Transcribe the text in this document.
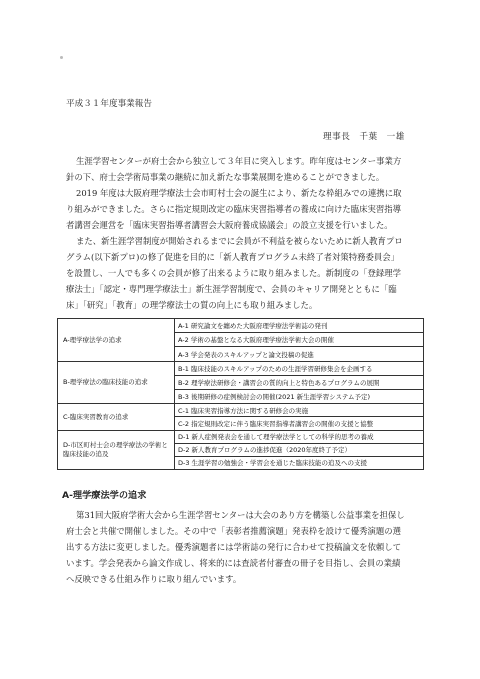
平成３１年度事業報告
理事長　千葉　一雄
生涯学習センターが府士会から独立して３年目に突入します。昨年度はセンター事業方
針の下、府士会学術局事業の継続に加え新たな事業展開を進めることができました。
2019 年度は大阪府理学療法士会市町村士会の誕生により、新たな枠組みでの連携に取
り組みができました。さらに指定規則改定の臨床実習指導者の養成に向けた臨床実習指導
者講習会運営を「臨床実習指導者講習会大阪府養成協議会」の設立支援を行いました。
また、新生涯学習制度が開始されるまでに会員が不利益を被らないために新人教育プロ
グラム(以下新プロ)の修了促進を目的に「新人教育プログラム未終了者対策特務委員会」
を設置し、一人でも多くの会員が修了出来るように取り組みました。新制度の「登録理学
療法士」「認定・専門理学療法士」新生涯学習制度で、会員のキャリア開発とともに「臨
床」「研究」「教育」の理学療法士の質の向上にも取り組みました。
A-理学療法学の追求	A-1 研究論文を纏めた大阪府理学療法学術誌の発刊
	A-2 学術の基盤となる大阪府理学療法学術大会の開催
	A-3 学会発表のスキルアップと論文投稿の促進
B-理学療法の臨床技能の追求	B-1 臨床技能のスキルアップのための生涯学習研修集会を企画する
	B-2 理学療法研修会・講習会の質的向上と特色あるプログラムの展開
	B-3 後期研修の症例検討会の開催(2021 新生涯学習システム予定)
C-臨床実習教育の追求	C-1 臨床実習指導方法に関する研修会の実施
	C-2 指定規則改定に伴う臨床実習指導者講習会の開催の支援と協整
D-市区町村士会の理学療法の学術と臨床技能の追及	D-1 新人症例発表会を通して理学療法学としての科学的思考の養成
	D-2 新人教育プログラムの進捗促進（2020年度終了予定）
	D-3 生涯学習の勉強会・学習会を通じた臨床技能の追及への支援
A-理学療法学の追求
第31回大阪府学術大会から生涯学習センターは大会のあり方を構築し公益事業を担保し
府士会と共催で開催しました。その中で「表彰者推薦演題」発表枠を設けて優秀演題の選
出する方法に変更しました。優秀演題者には学術誌の発行に合わせて投稿論文を依頼して
います。学会発表から論文作成し、将来的には査読者付審査の冊子を目指し、会員の業績
へ反映できる仕組み作りに取り組んでいます。
